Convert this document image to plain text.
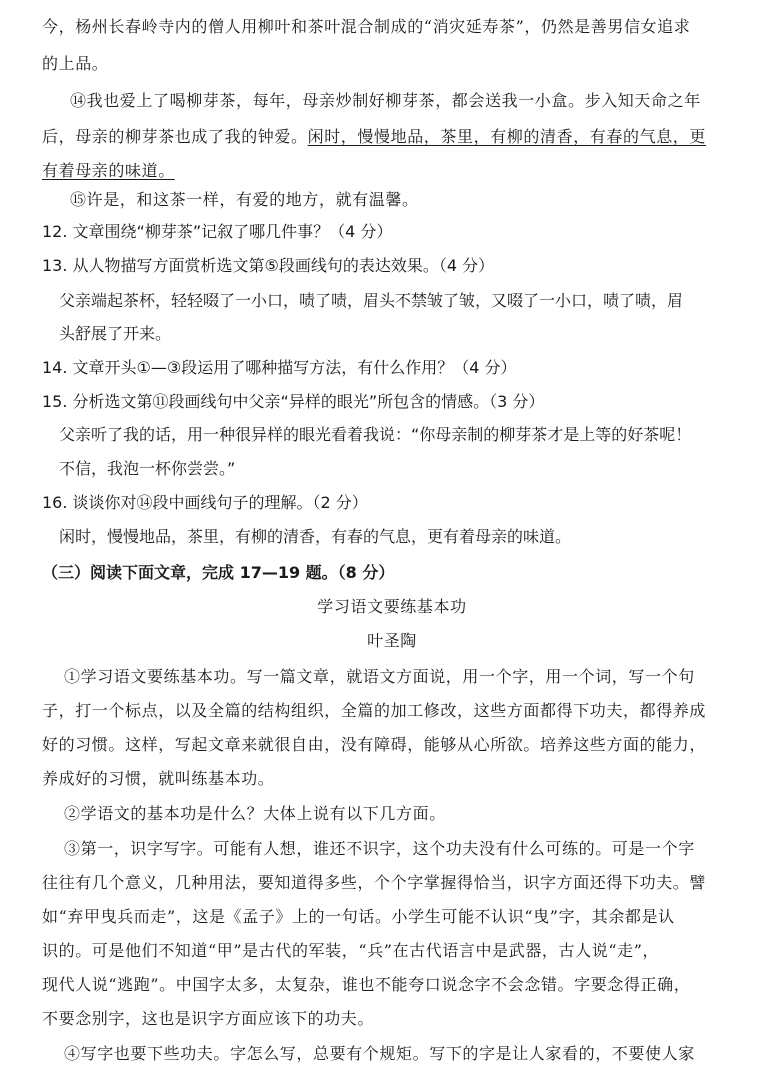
今，杨州长春岭寺内的僧人用柳叶和茶叶混合制成的“消灾延寿茶”，仍然是善男信女追求
的上品。
⑭我也爱上了喝柳芽茶，每年，母亲炒制好柳芽茶，都会送我一小盒。步入知天命之年
后，母亲的柳芽茶也成了我的钟爱。闲时，慢慢地品，茶里，有柳的清香，有春的气息，更
有着母亲的味道。
⑮许是，和这茶一样，有爱的地方，就有温馨。
12. 文章围绕“柳芽茶”记叙了哪几件事？（4 分）
13. 从人物描写方面赏析选文第⑤段画线句的表达效果。（4 分）
父亲端起茶杯，轻轻啜了一小口，啧了啧，眉头不禁皱了皱，又啜了一小口，啧了啧，眉
头舒展了开来。
14. 文章开头①—③段运用了哪种描写方法，有什么作用？（4 分）
15. 分析选文第⑪段画线句中父亲“异样的眼光”所包含的情感。（3 分）
父亲听了我的话，用一种很异样的眼光看着我说：“你母亲制的柳芽茶才是上等的好茶呢！
不信，我泡一杯你尝尝。”
16. 谈谈你对⑭段中画线句子的理解。（2 分）
闲时，慢慢地品，茶里，有柳的清香，有春的气息，更有着母亲的味道。
（三）阅读下面文章，完成 17—19 题。（8 分）
学习语文要练基本功
叶圣陶
①学习语文要练基本功。写一篇文章，就语文方面说，用一个字，用一个词，写一个句
子，打一个标点，以及全篇的结构组织，全篇的加工修改，这些方面都得下功夫，都得养成
好的习惯。这样，写起文章来就很自由，没有障碍，能够从心所欲。培养这些方面的能力，
养成好的习惯，就叫练基本功。
②学语文的基本功是什么？大体上说有以下几方面。
③第一，识字写字。可能有人想，谁还不识字，这个功夫没有什么可练的。可是一个字
往往有几个意义，几种用法，要知道得多些，个个字掌握得恰当，识字方面还得下功夫。譬
如“弃甲曳兵而走”，这是《孟子》上的一句话。小学生可能不认识“曳”字，其余都是认
识的。可是他们不知道“甲”是古代的军装，“兵”在古代语言中是武器，古人说“走”，
现代人说“逃跑”。中国字太多，太复杂，谁也不能夸口说念字不会念错。字要念得正确，
不要念别字，这也是识字方面应该下的功夫。
④写字也要下些功夫。字怎么写，总要有个规矩。写下的字是让人家看的，不要使人家
